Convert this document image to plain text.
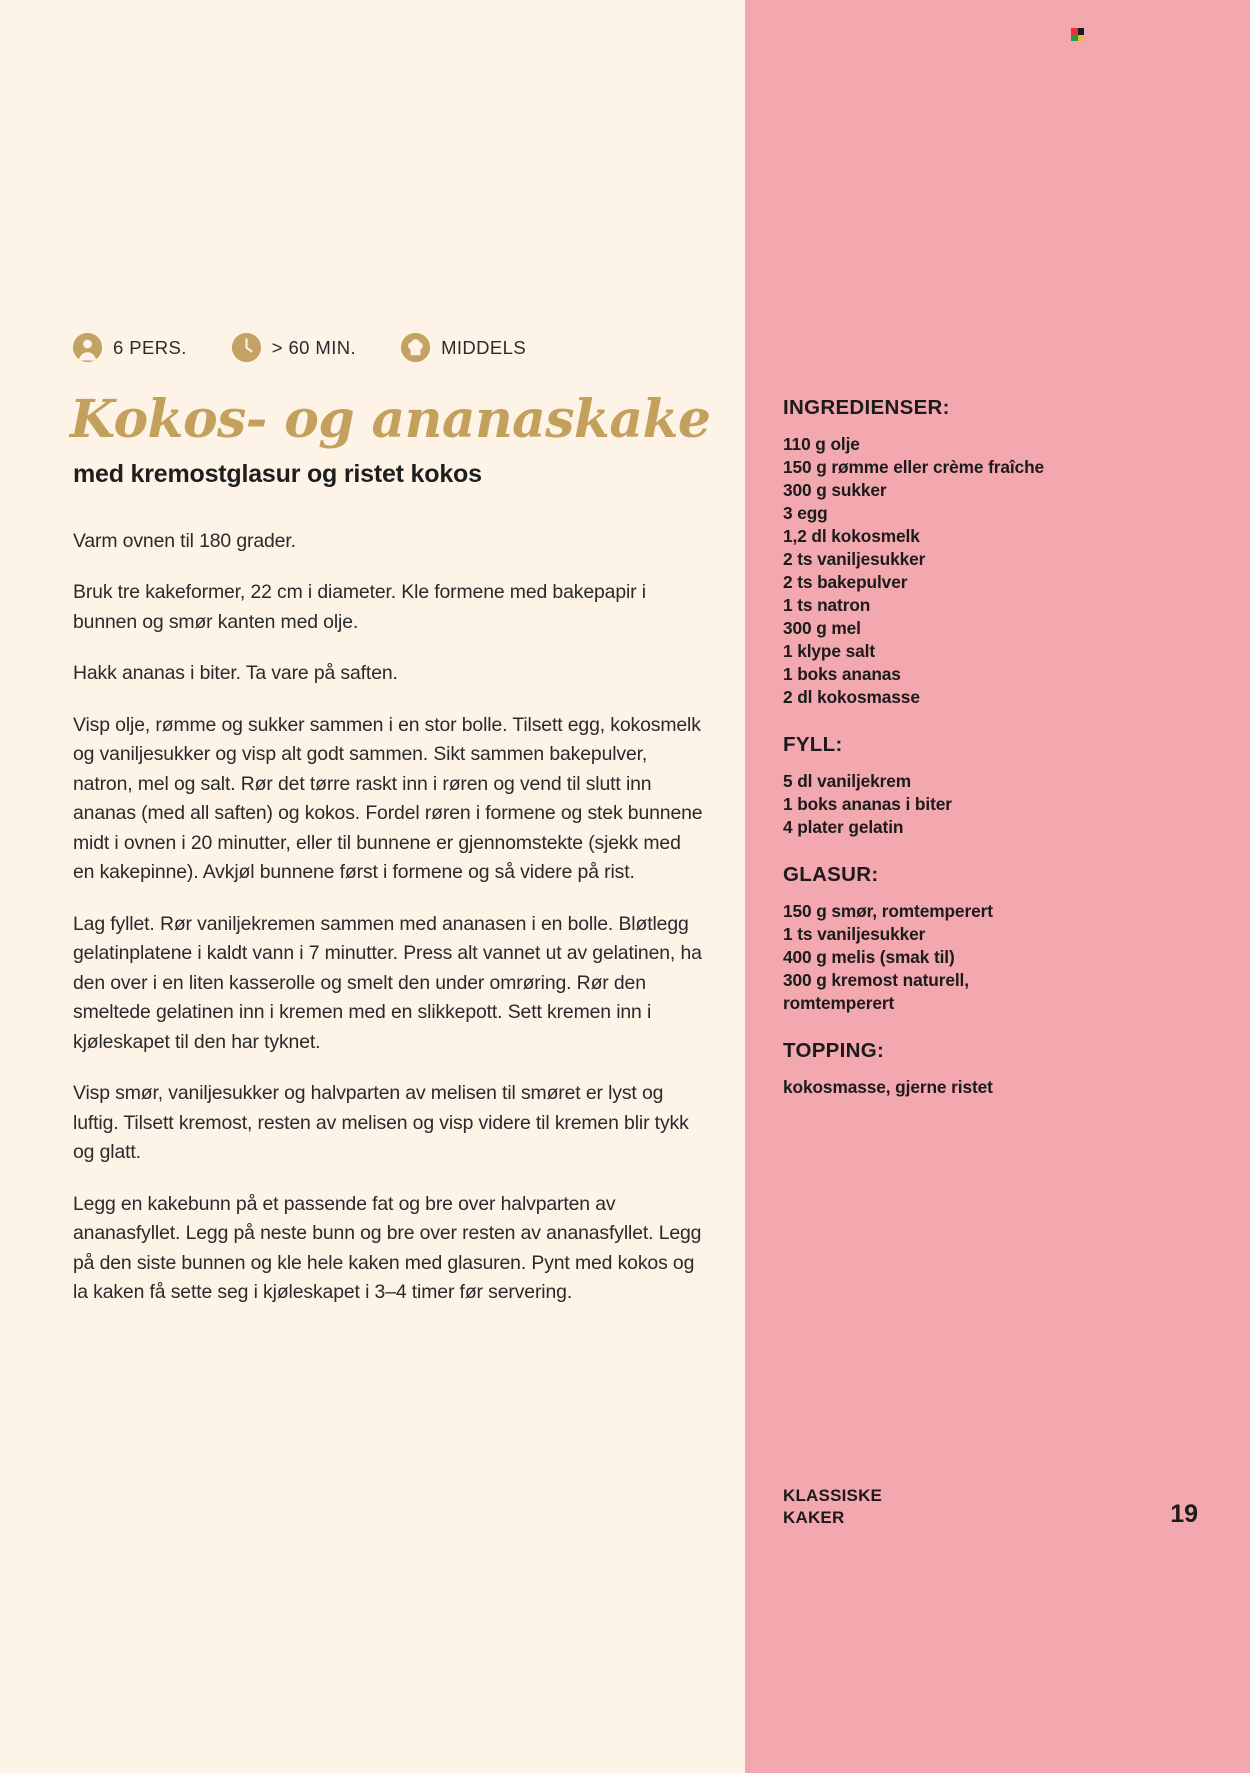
6 PERS.	> 60 MIN.	MIDDELS
Kokos- og ananaskake
med kremostglasur og ristet kokos

Varm ovnen til 180 grader.

Bruk tre kakeformer, 22 cm i diameter. Kle formene med bakepapir i bunnen og smør kanten med olje.

Hakk ananas i biter. Ta vare på saften.

Visp olje, rømme og sukker sammen i en stor bolle. Tilsett egg, kokosmelk og vaniljesukker og visp alt godt sammen. Sikt sammen bakepulver, natron, mel og salt. Rør det tørre raskt inn i røren og vend til slutt inn ananas (med all saften) og kokos. Fordel røren i formene og stek bunnene midt i ovnen i 20 minutter, eller til bunnene er gjennomstekte (sjekk med en kakepinne). Avkjøl bunnene først i formene og så videre på rist.

Lag fyllet. Rør vaniljekremen sammen med ananasen i en bolle. Bløtlegg gelatinplatene i kaldt vann i 7 minutter. Press alt vannet ut av gelatinen, ha den over i en liten kasserolle og smelt den under omrøring. Rør den smeltede gelatinen inn i kremen med en slikkepott. Sett kremen inn i kjøleskapet til den har tyknet.

Visp smør, vaniljesukker og halvparten av melisen til smøret er lyst og luftig. Tilsett kremost, resten av melisen og visp videre til kremen blir tykk og glatt.

Legg en kakebunn på et passende fat og bre over halvparten av ananasfyllet. Legg på neste bunn og bre over resten av ananasfyllet. Legg på den siste bunnen og kle hele kaken med glasuren. Pynt med kokos og la kaken få sette seg i kjøleskapet i 3–4 timer før servering.

INGREDIENSER:
110 g olje
150 g rømme eller crème fraîche
300 g sukker
3 egg
1,2 dl kokosmelk
2 ts vaniljesukker
2 ts bakepulver
1 ts natron
300 g mel
1 klype salt
1 boks ananas
2 dl kokosmasse
FYLL:
5 dl vaniljekrem
1 boks ananas i biter
4 plater gelatin
GLASUR:
150 g smør, romtemperert
1 ts vaniljesukker
400 g melis (smak til)
300 g kremost naturell,
romtemperert
TOPPING:
kokosmasse, gjerne ristet
KLASSISKE
KAKER	19
